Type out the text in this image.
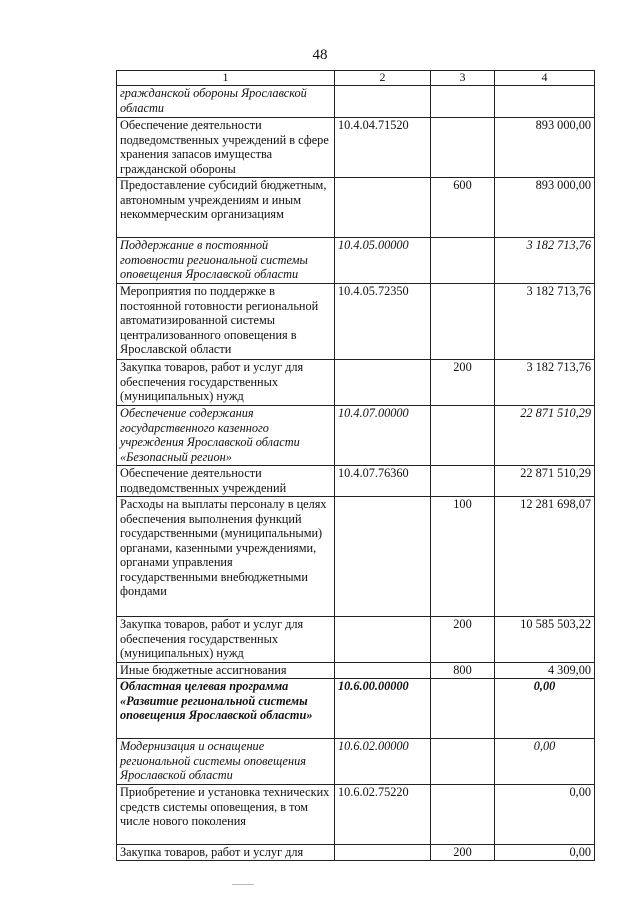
48
1	2	3	4
гражданской обороны Ярославской области			
Обеспечение деятельности подведомственных учреждений в сфере хранения запасов имущества гражданской обороны	10.4.04.71520		893 000,00
Предоставление субсидий бюджетным, автономным учреждениям и иным некоммерческим организациям		600	893 000,00
Поддержание в постоянной готовности региональной системы оповещения Ярославской области	10.4.05.00000		3 182 713,76
Мероприятия по поддержке в постоянной готовности региональной автоматизированной системы централизованного оповещения в Ярославской области	10.4.05.72350		3 182 713,76
Закупка товаров, работ и услуг для обеспечения государственных (муниципальных) нужд		200	3 182 713,76
Обеспечение содержания государственного казенного учреждения Ярославской области «Безопасный регион»	10.4.07.00000		22 871 510,29
Обеспечение деятельности подведомственных учреждений	10.4.07.76360		22 871 510,29
Расходы на выплаты персоналу в целях обеспечения выполнения функций государственными (муниципальными) органами, казенными учреждениями, органами управления государственными внебюджетными фондами		100	12 281 698,07
Закупка товаров, работ и услуг для обеспечения государственных (муниципальных) нужд		200	10 585 503,22
Иные бюджетные ассигнования		800	4 309,00
Областная целевая программа «Развитие региональной системы оповещения Ярославской области»	10.6.00.00000		0,00
Модернизация и оснащение региональной системы оповещения Ярославской области	10.6.02.00000		0,00
Приобретение и установка технических средств системы оповещения, в том числе нового поколения	10.6.02.75220		0,00
Закупка товаров, работ и услуг для		200	0,00
